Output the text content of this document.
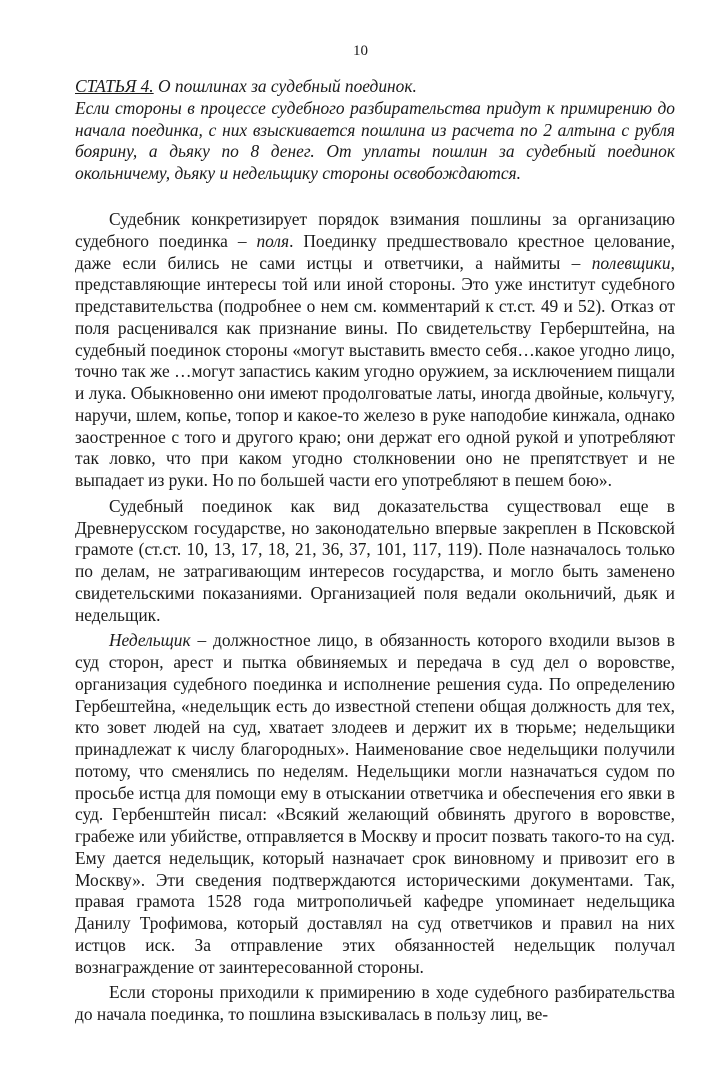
10
СТАТЬЯ 4. О пошлинах за судебный поединок.
Если стороны в процессе судебного разбирательства придут к примирению до начала поединка, с них взыскивается пошлина из расчета по 2 алтына с рубля боярину, а дьяку по 8 денег. От уплаты пошлин за судебный поединок окольничему, дьяку и недельщику стороны освобождаются.

Судебник конкретизирует порядок взимания пошлины за организацию судебного поединка – поля. Поединку предшествовало крестное целование, даже если бились не сами истцы и ответчики, а наймиты – полевщики, представляющие интересы той или иной стороны. Это уже институт судебного представительства (подробнее о нем см. комментарий к ст.ст. 49 и 52). Отказ от поля расценивался как признание вины. По свидетельству Герберштейна, на судебный поединок стороны «могут выставить вместо себя…какое угодно лицо, точно так же …могут запастись каким угодно оружием, за исключением пищали и лука. Обыкновенно они имеют продолговатые латы, иногда двойные, кольчугу, наручи, шлем, копье, топор и какое-то железо в руке наподобие кинжала, однако заостренное с того и другого краю; они держат его одной рукой и употребляют так ловко, что при каком угодно столкновении оно не препятствует и не выпадает из руки. Но по большей части его употребляют в пешем бою».

Судебный поединок как вид доказательства существовал еще в Древнерусском государстве, но законодательно впервые закреплен в Псковской грамоте (ст.ст. 10, 13, 17, 18, 21, 36, 37, 101, 117, 119). Поле назначалось только по делам, не затрагивающим интересов государства, и могло быть заменено свидетельскими показаниями. Организацией поля ведали окольничий, дьяк и недельщик.

Недельщик – должностное лицо, в обязанность которого входили вызов в суд сторон, арест и пытка обвиняемых и передача в суд дел о воровстве, организация судебного поединка и исполнение решения суда. По определению Гербештейна, «недельщик есть до известной степени общая должность для тех, кто зовет людей на суд, хватает злодеев и держит их в тюрьме; недельщики принадлежат к числу благородных». Наименование свое недельщики получили потому, что сменялись по неделям. Недельщики могли назначаться судом по просьбе истца для помощи ему в отыскании ответчика и обеспечения его явки в суд. Гербенштейн писал: «Всякий желающий обвинять другого в воровстве, грабеже или убийстве, отправляется в Москву и просит позвать такого-то на суд. Ему дается недельщик, который назначает срок виновному и привозит его в Москву». Эти сведения подтверждаются историческими документами. Так, правая грамота 1528 года митрополичьей кафедре упоминает недельщика Данилу Трофимова, который доставлял на суд ответчиков и правил на них истцов иск. За отправление этих обязанностей недельщик получал вознаграждение от заинтересованной стороны.

Если стороны приходили к примирению в ходе судебного разбирательства до начала поединка, то пошлина взыскивалась в пользу лиц, ве-
